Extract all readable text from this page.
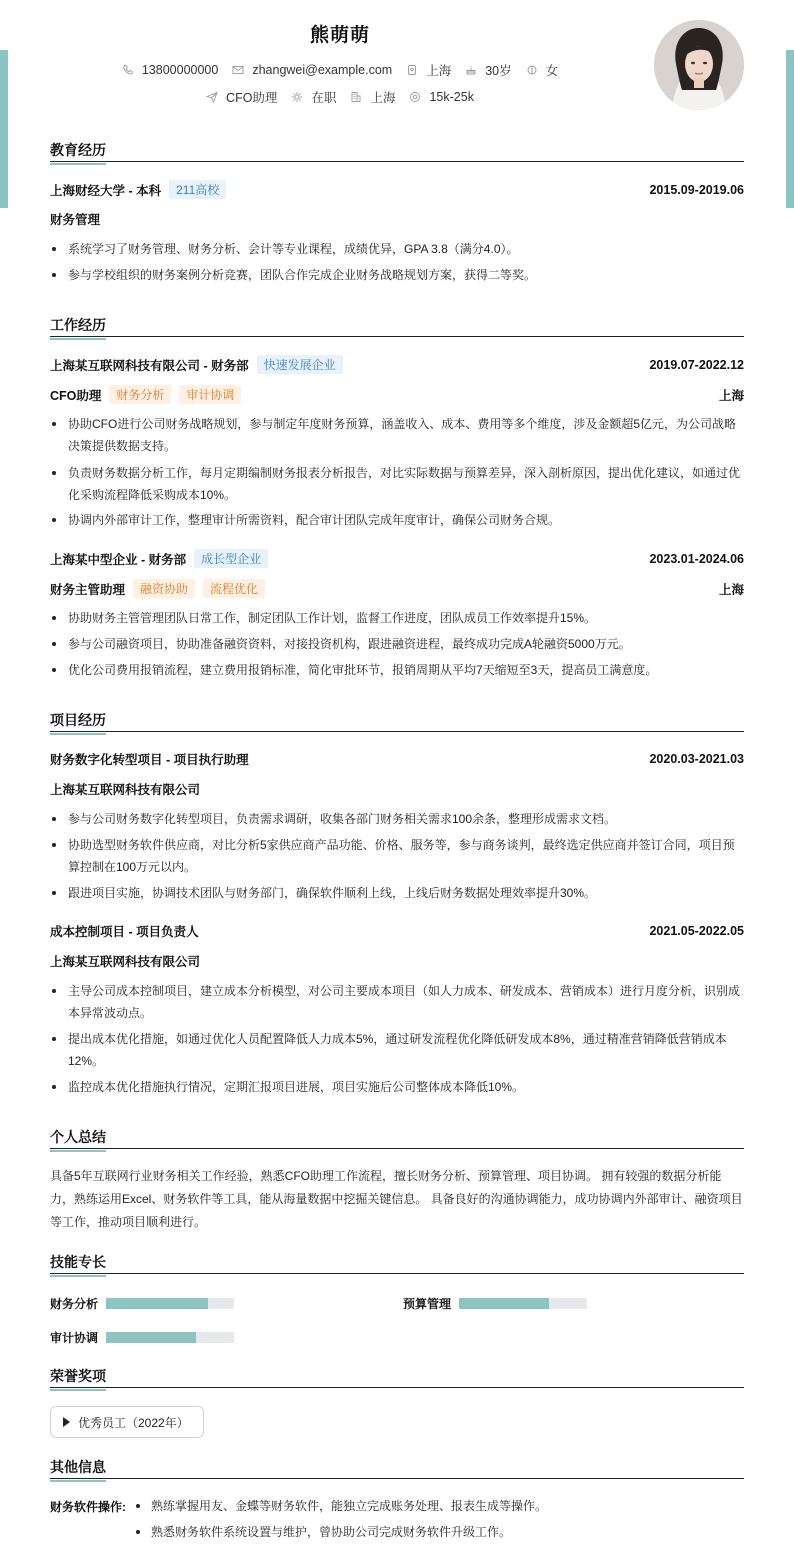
熊萌萌
13800000000	zhangwei@example.com	上海	30岁	女
CFO助理	在职	上海	15k-25k
教育经历
上海财经大学 - 本科	211高校	2015.09-2019.06
财务管理
系统学习了财务管理、财务分析、会计等专业课程，成绩优异，GPA 3.8（满分4.0）。
参与学校组织的财务案例分析竞赛，团队合作完成企业财务战略规划方案，获得二等奖。
工作经历
上海某互联网科技有限公司 - 财务部	快速发展企业	2019.07-2022.12
CFO助理	财务分析	审计协调	上海
协助CFO进行公司财务战略规划，参与制定年度财务预算，涵盖收入、成本、费用等多个维度，涉及金额超5亿元，为公司战略决策提供数据支持。
负责财务数据分析工作，每月定期编制财务报表分析报告，对比实际数据与预算差异，深入剖析原因，提出优化建议，如通过优化采购流程降低采购成本10%。
协调内外部审计工作，整理审计所需资料，配合审计团队完成年度审计，确保公司财务合规。
上海某中型企业 - 财务部	成长型企业	2023.01-2024.06
财务主管助理	融资协助	流程优化	上海
协助财务主管管理团队日常工作，制定团队工作计划，监督工作进度，团队成员工作效率提升15%。
参与公司融资项目，协助准备融资资料，对接投资机构，跟进融资进程，最终成功完成A轮融资5000万元。
优化公司费用报销流程，建立费用报销标准，简化审批环节，报销周期从平均7天缩短至3天，提高员工满意度。
项目经历
财务数字化转型项目 - 项目执行助理	2020.03-2021.03
上海某互联网科技有限公司
参与公司财务数字化转型项目，负责需求调研，收集各部门财务相关需求100余条，整理形成需求文档。
协助选型财务软件供应商，对比分析5家供应商产品功能、价格、服务等，参与商务谈判，最终选定供应商并签订合同，项目预算控制在100万元以内。
跟进项目实施，协调技术团队与财务部门，确保软件顺利上线，上线后财务数据处理效率提升30%。
成本控制项目 - 项目负责人	2021.05-2022.05
上海某互联网科技有限公司
主导公司成本控制项目，建立成本分析模型，对公司主要成本项目（如人力成本、研发成本、营销成本）进行月度分析，识别成本异常波动点。
提出成本优化措施，如通过优化人员配置降低人力成本5%，通过研发流程优化降低研发成本8%，通过精准营销降低营销成本12%。
监控成本优化措施执行情况，定期汇报项目进展，项目实施后公司整体成本降低10%。
个人总结
具备5年互联网行业财务相关工作经验，熟悉CFO助理工作流程，擅长财务分析、预算管理、项目协调。 拥有较强的数据分析能力，熟练运用Excel、财务软件等工具，能从海量数据中挖掘关键信息。 具备良好的沟通协调能力，成功协调内外部审计、融资项目等工作，推动项目顺利进行。
技能专长
财务分析	预算管理
审计协调
荣誉奖项
优秀员工（2022年）
其他信息
财务软件操作:	熟练掌握用友、金蝶等财务软件，能独立完成账务处理、报表生成等操作。
熟悉财务软件系统设置与维护，曾协助公司完成财务软件升级工作。
